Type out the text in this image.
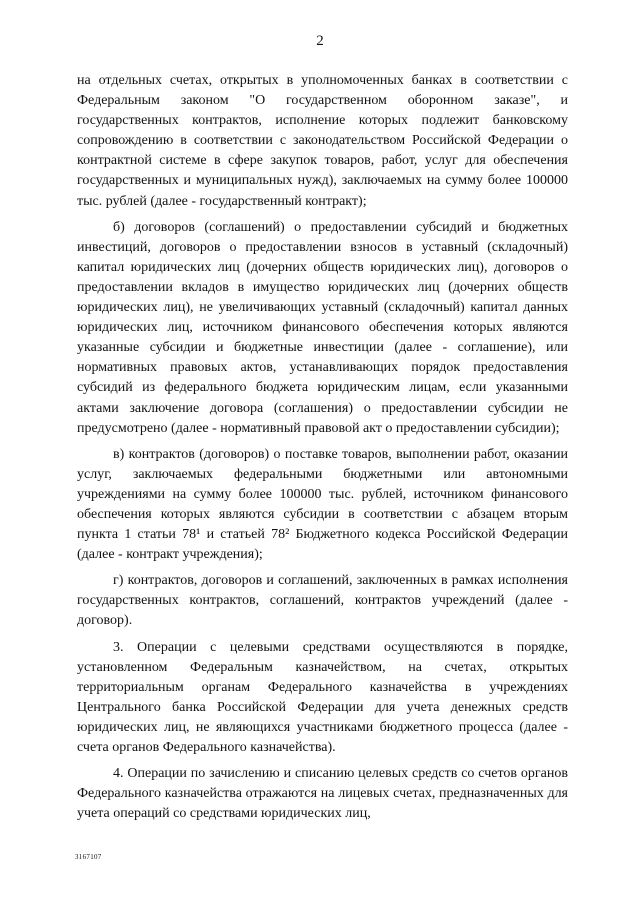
2

на отдельных счетах, открытых в уполномоченных банках в соответствии с Федеральным законом "О государственном оборонном заказе", и государственных контрактов, исполнение которых подлежит банковскому сопровождению в соответствии с законодательством Российской Федерации о контрактной системе в сфере закупок товаров, работ, услуг для обеспечения государственных и муниципальных нужд), заключаемых на сумму более 100000 тыс. рублей (далее - государственный контракт);

б) договоров (соглашений) о предоставлении субсидий и бюджетных инвестиций, договоров о предоставлении взносов в уставный (складочный) капитал юридических лиц (дочерних обществ юридических лиц), договоров о предоставлении вкладов в имущество юридических лиц (дочерних обществ юридических лиц), не увеличивающих уставный (складочный) капитал данных юридических лиц, источником финансового обеспечения которых являются указанные субсидии и бюджетные инвестиции (далее - соглашение), или нормативных правовых актов, устанавливающих порядок предоставления субсидий из федерального бюджета юридическим лицам, если указанными актами заключение договора (соглашения) о предоставлении субсидии не предусмотрено (далее - нормативный правовой акт о предоставлении субсидии);

в) контрактов (договоров) о поставке товаров, выполнении работ, оказании услуг, заключаемых федеральными бюджетными или автономными учреждениями на сумму более 100000 тыс. рублей, источником финансового обеспечения которых являются субсидии в соответствии с абзацем вторым пункта 1 статьи 78¹ и статьей 78² Бюджетного кодекса Российской Федерации (далее - контракт учреждения);

г) контрактов, договоров и соглашений, заключенных в рамках исполнения государственных контрактов, соглашений, контрактов учреждений (далее - договор).

3. Операции с целевыми средствами осуществляются в порядке, установленном Федеральным казначейством, на счетах, открытых территориальным органам Федерального казначейства в учреждениях Центрального банка Российской Федерации для учета денежных средств юридических лиц, не являющихся участниками бюджетного процесса (далее - счета органов Федерального казначейства).

4. Операции по зачислению и списанию целевых средств со счетов органов Федерального казначейства отражаются на лицевых счетах, предназначенных для учета операций со средствами юридических лиц,

3167107
